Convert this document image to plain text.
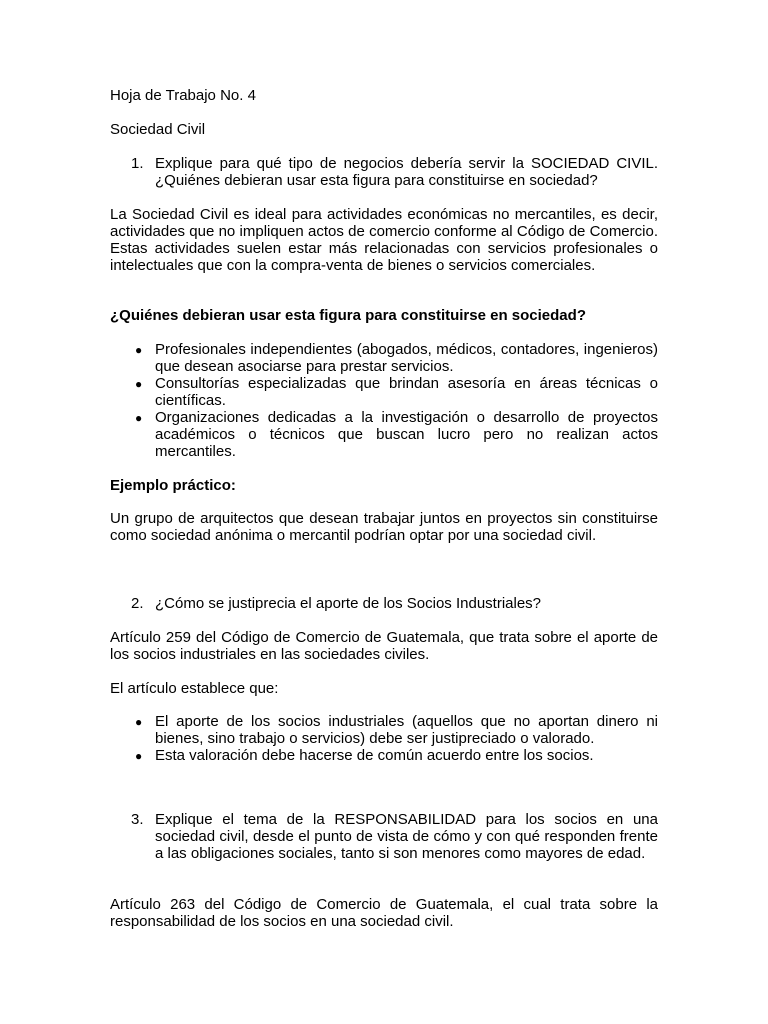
Hoja de Trabajo No. 4

Sociedad Civil

1. Explique para qué tipo de negocios debería servir la SOCIEDAD CIVIL. ¿Quiénes debieran usar esta figura para constituirse en sociedad?

La Sociedad Civil es ideal para actividades económicas no mercantiles, es decir, actividades que no impliquen actos de comercio conforme al Código de Comercio. Estas actividades suelen estar más relacionadas con servicios profesionales o intelectuales que con la compra-venta de bienes o servicios comerciales.

¿Quiénes debieran usar esta figura para constituirse en sociedad?

● Profesionales independientes (abogados, médicos, contadores, ingenieros) que desean asociarse para prestar servicios.
● Consultorías especializadas que brindan asesoría en áreas técnicas o científicas.
● Organizaciones dedicadas a la investigación o desarrollo de proyectos académicos o técnicos que buscan lucro pero no realizan actos mercantiles.

Ejemplo práctico:

Un grupo de arquitectos que desean trabajar juntos en proyectos sin constituirse como sociedad anónima o mercantil podrían optar por una sociedad civil.

2. ¿Cómo se justiprecia el aporte de los Socios Industriales?

Artículo 259 del Código de Comercio de Guatemala, que trata sobre el aporte de los socios industriales en las sociedades civiles.

El artículo establece que:

● El aporte de los socios industriales (aquellos que no aportan dinero ni bienes, sino trabajo o servicios) debe ser justipreciado o valorado.
● Esta valoración debe hacerse de común acuerdo entre los socios.
3. Explique el tema de la RESPONSABILIDAD para los socios en una sociedad civil, desde el punto de vista de cómo y con qué responden frente a las obligaciones sociales, tanto si son menores como mayores de edad.

Artículo 263 del Código de Comercio de Guatemala, el cual trata sobre la responsabilidad de los socios en una sociedad civil.
